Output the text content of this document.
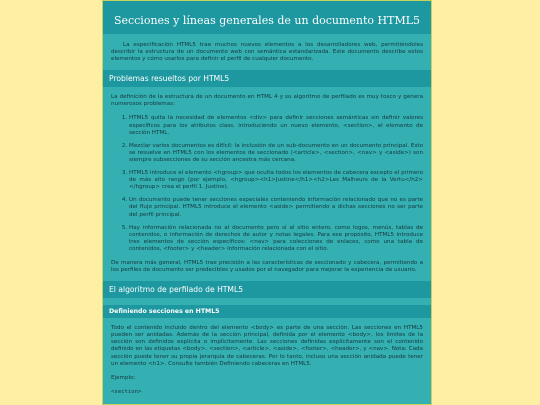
Secciones y líneas generales de un documento HTML5

La especificación HTML5 trae muchos nuevos elementos a los desarrolladores web, permitiéndoles describir la estructura de un documento web con semántica estandarizada. Este documento describe estos elementos y cómo usarlos para definir el perfil de cualquier documento.

Problemas resueltos por HTML5

La definición de la estructura de un documento en HTML 4 y su algoritmo de perfilado es muy tosco y genera numerosos problemas:

1. HTML5 quita la necesidad de elementos <div> para definir secciones semánticas sin definir valores específicos para los atributos class, introduciendo un nuevo elemento, <section>, el elemento de sección HTML.
2. Mezclar varios documentos es difícil: la inclusión de un sub-documento en un documento principal. Esto se resuelve en HTML5 con los elementos de seccionado (<article>, <section>, <nav> y <aside>) son siempre subsecciones de su sección ancestra más cercana.
3. HTML5 introduce el elemento <hgroup> que oculta todos los elementos de cabecera excepto el primero de más alto rango (por ejemplo, <hgroup><h1>Justine</h1><h2>Les Malheurs de la Vertu</h2></hgroup> crea el perfil 1. Justine).
4. Un documento puede tener secciones especiales conteniendo información relacionado que no es parte del flujo principal. HTML5 introduce el elemento <aside> permitiendo a dichas secciones no ser parte del perfil principal.
5. Hay información relacionada no al documento pero sí al sitio entero, como logos, menús, tablas de contenidos, o información de derechos de autor y notas legales. Para ese propósito, HTML5 introduce tres elementos de sección específicos: <nav> para colecciones de enlaces, como una tabla de contenidos, <footer> y <header> información relacionada con el sitio.

De manera más general, HTML5 trae precisión a las características de seccionado y cabecera, permitiendo a los perfiles de documento ser predecibles y usados por el navegador para mejorar la experiencia de usuario.

El algoritmo de perfilado de HTML5
Definiendo secciones en HTML5

Todo el contenido incluido dentro del elemento <body> es parte de una sección. Las secciones en HTML5 pueden ser anidadas. Además de la sección principal, definida por el elemento <body>, los límites de la sección son definidos explícita o implícitamente. Las secciones definidas explícitamente son el contenido definido en las etiquetas <body>, <section>, <article>, <aside>, <footer>, <header>, y <nav>. Nota: Cada sección puede tener su propia jerarquía de cabeceras. Por lo tanto, incluso una sección anidada puede tener un elemento <h1>. Consulte también Definiendo cabeceras en HTML5.

Ejemplo:

<section>
